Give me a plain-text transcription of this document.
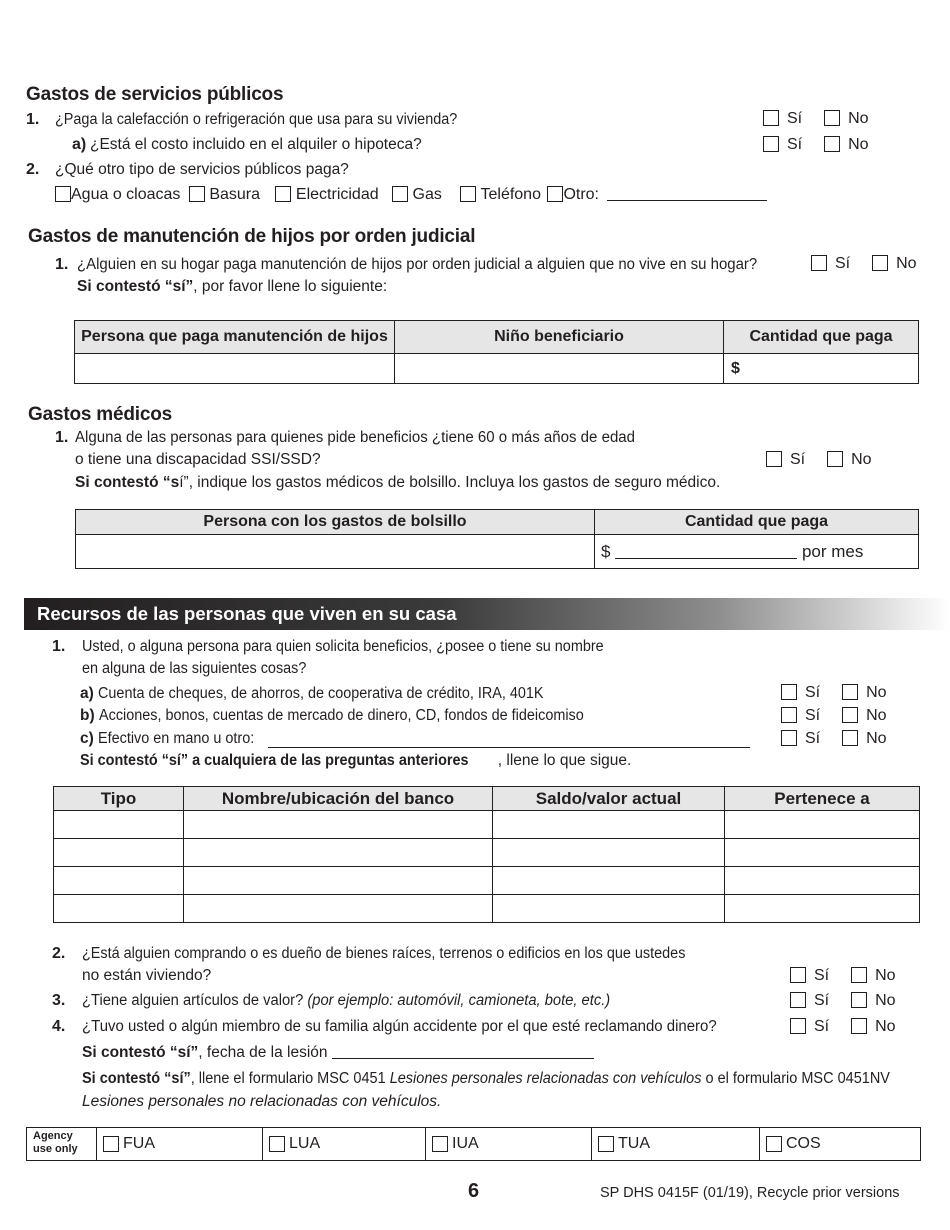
Gastos de servicios públicos
1. ¿Paga la calefacción o refrigeración que usa para su vivienda?	Sí	No
a) ¿Está el costo incluido en el alquiler o hipoteca?	Sí	No
2. ¿Qué otro tipo de servicios públicos paga?
Agua o cloacas Basura Electricidad Gas Teléfono Otro:
Gastos de manutención de hijos por orden judicial
1. ¿Alguien en su hogar paga manutención de hijos por orden judicial a alguien que no vive en su hogar?	Sí	No
Si contestó “sí”, por favor llene lo siguiente:
Persona que paga manutención de hijos	Niño beneficiario	Cantidad que paga
		$
Gastos médicos
1. Alguna de las personas para quienes pide beneficios ¿tiene 60 o más años de edad
o tiene una discapacidad SSI/SSD?	Sí	No
Si contestó “sí”, indique los gastos médicos de bolsillo. Incluya los gastos de seguro médico.
Persona con los gastos de bolsillo	Cantidad que paga
	$ por mes
Recursos de las personas que viven en su casa
1. Usted, o alguna persona para quien solicita beneficios, ¿posee o tiene su nombre
en alguna de las siguientes cosas?
a) Cuenta de cheques, de ahorros, de cooperativa de crédito, IRA, 401K	Sí	No
b) Acciones, bonos, cuentas de mercado de dinero, CD, fondos de fideicomiso	Sí	No
c) Efectivo en mano u otro:	Sí	No
Si contestó “sí” a cualquiera de las preguntas anteriores , llene lo que sigue.
Tipo	Nombre/ubicación del banco	Saldo/valor actual	Pertenece a

2. ¿Está alguien comprando o es dueño de bienes raíces, terrenos o edificios en los que ustedes
no están viviendo?	Sí	No
3. ¿Tiene alguien artículos de valor? (por ejemplo: automóvil, camioneta, bote, etc.)	Sí	No
4. ¿Tuvo usted o algún miembro de su familia algún accidente por el que esté reclamando dinero?	Sí	No
Si contestó “sí”, fecha de la lesión
Si contestó “sí”, llene el formulario MSC 0451 Lesiones personales relacionadas con vehículos o el formulario MSC 0451NV
Lesiones personales no relacionadas con vehículos.
Agency
use only	FUA	LUA	IUA	TUA	COS
6	SP DHS 0415F (01/19), Recycle prior versions
